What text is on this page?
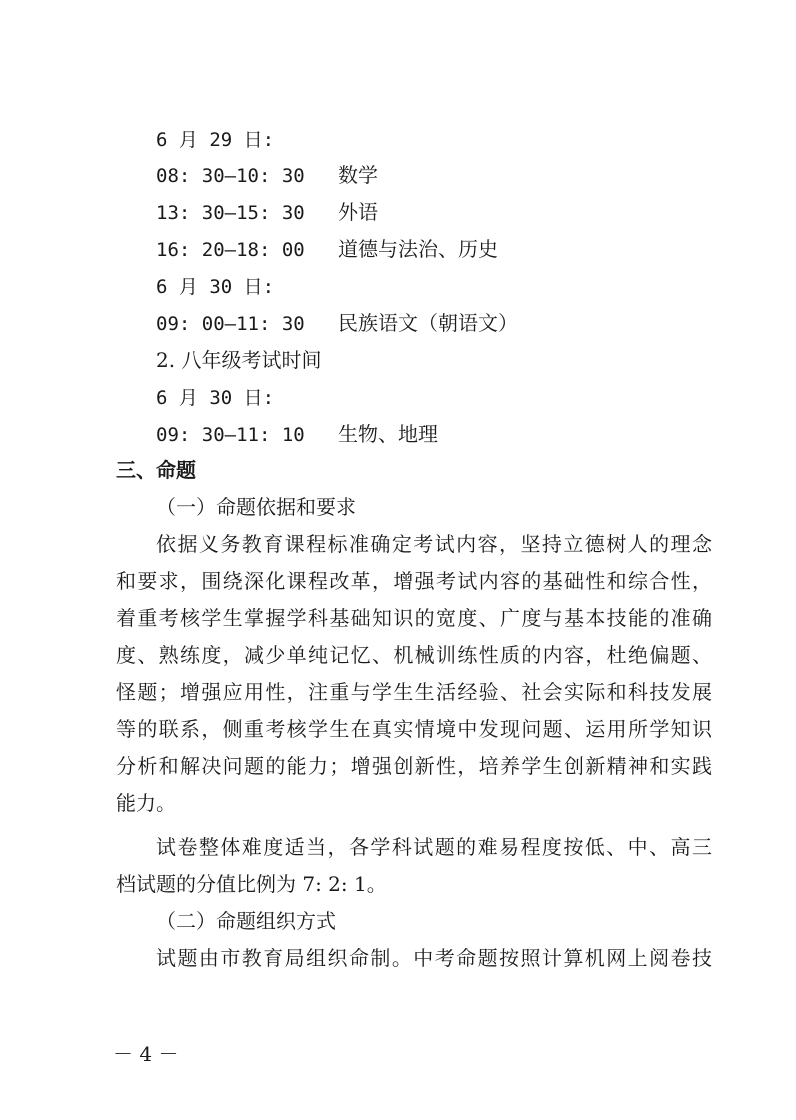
6 月 29 日:
08: 30—10: 30 数学
13: 30—15: 30 外语
16: 20—18: 00 道德与法治、历史
6 月 30 日:
09: 00—11: 30 民族语文（朝语文）
2. 八年级考试时间
6 月 30 日:
09: 30—11: 10 生物、地理
三、命题
（一）命题依据和要求
依据义务教育课程标准确定考试内容，坚持立德树人的理念
和要求，围绕深化课程改革，增强考试内容的基础性和综合性，
着重考核学生掌握学科基础知识的宽度、广度与基本技能的准确
度、熟练度，减少单纯记忆、机械训练性质的内容，杜绝偏题、
怪题；增强应用性，注重与学生生活经验、社会实际和科技发展
等的联系，侧重考核学生在真实情境中发现问题、运用所学知识
分析和解决问题的能力；增强创新性，培养学生创新精神和实践
能力。
试卷整体难度适当，各学科试题的难易程度按低、中、高三
档试题的分值比例为 7: 2: 1。
（二）命题组织方式
试题由市教育局组织命制。中考命题按照计算机网上阅卷技
－ 4 －
